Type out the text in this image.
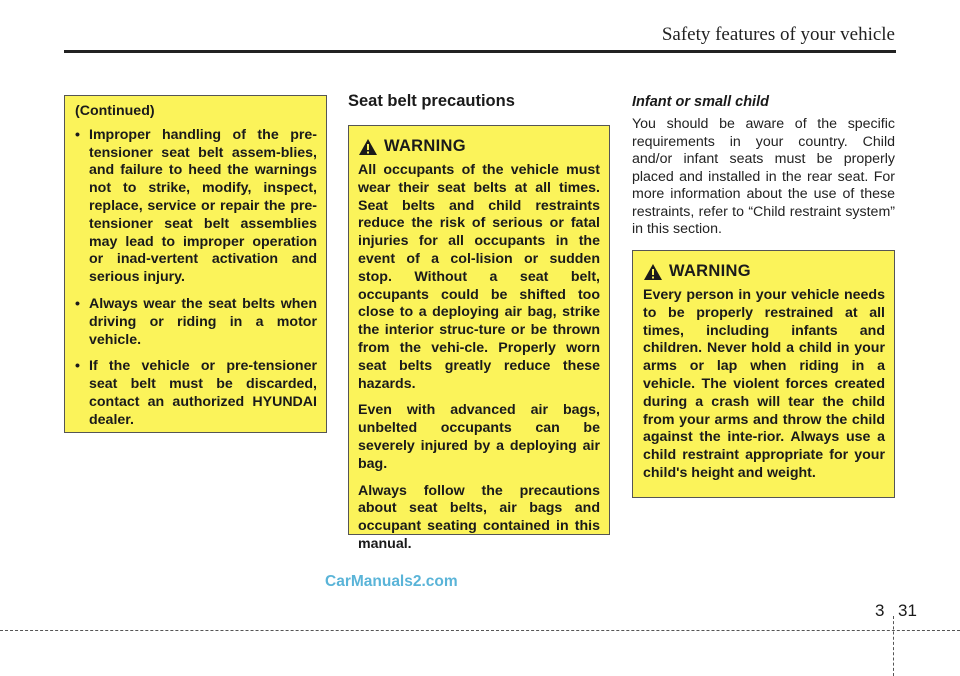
Safety features of your vehicle
(Continued)
• Improper handling of the pre-tensioner seat belt assem-blies, and failure to heed the warnings not to strike, modify, inspect, replace, service or repair the pre-tensioner seat belt assemblies may lead to improper operation or inad-vertent activation and serious injury.
• Always wear the seat belts when driving or riding in a motor vehicle.
• If the vehicle or pre-tensioner seat belt must be discarded, contact an authorized HYUNDAI dealer.
Seat belt precautions
WARNING

All occupants of the vehicle must wear their seat belts at all times. Seat belts and child restraints reduce the risk of serious or fatal injuries for all occupants in the event of a col-lision or sudden stop. Without a seat belt, occupants could be shifted too close to a deploying air bag, strike the interior struc-ture or be thrown from the vehi-cle. Properly worn seat belts greatly reduce these hazards.

Even with advanced air bags, unbelted occupants can be severely injured by a deploying air bag.

Always follow the precautions about seat belts, air bags and occupant seating contained in this manual.

Infant or small child

You should be aware of the specific requirements in your country. Child and/or infant seats must be properly placed and installed in the rear seat. For more information about the use of these restraints, refer to “Child restraint system” in this section.

WARNING

Every person in your vehicle needs to be properly restrained at all times, including infants and children. Never hold a child in your arms or lap when riding in a vehicle. The violent forces created during a crash will tear the child from your arms and throw the child against the inte-rior. Always use a child restraint appropriate for your child's height and weight.

CarManuals2.com
3 31
